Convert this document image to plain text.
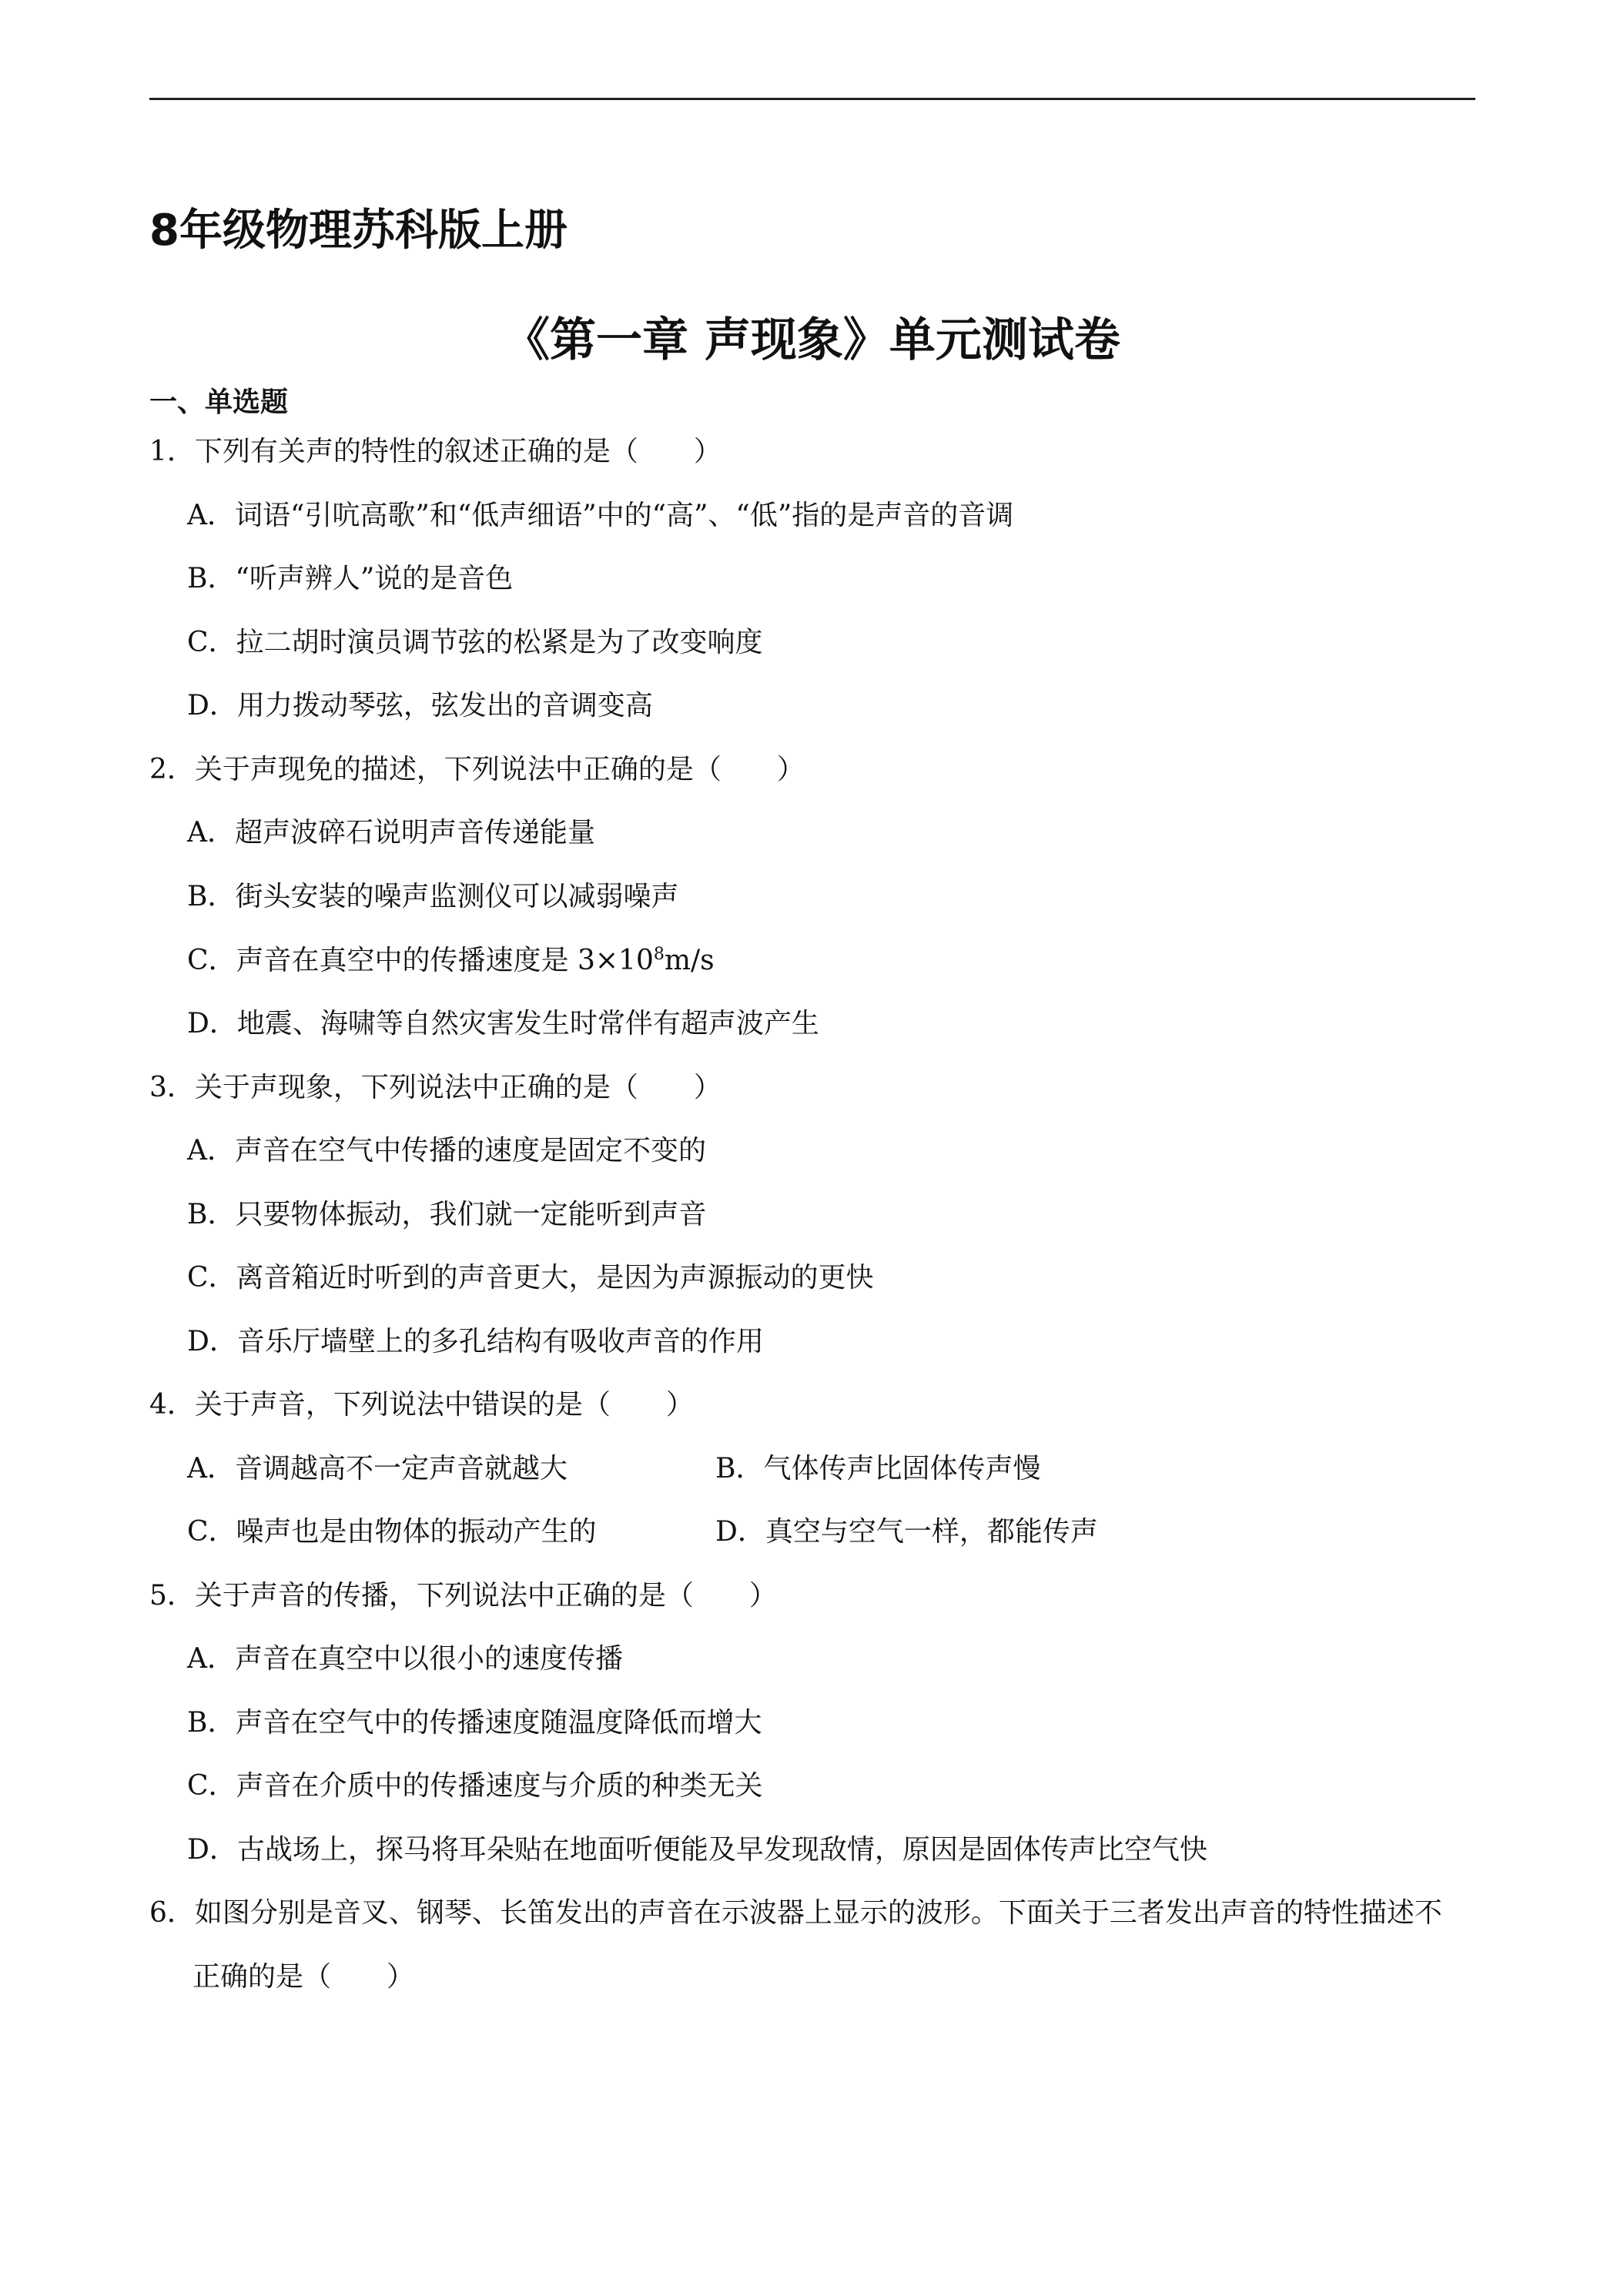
8年级物理苏科版上册
《第一章 声现象》单元测试卷
一、单选题
1．下列有关声的特性的叙述正确的是（　　）
A．词语“引吭高歌”和“低声细语”中的“高”、“低”指的是声音的音调
B．“听声辨人”说的是音色
C．拉二胡时演员调节弦的松紧是为了改变响度
D．用力拨动琴弦，弦发出的音调变高
2．关于声现免的描述，下列说法中正确的是（　　）
A．超声波碎石说明声音传递能量
B．街头安装的噪声监测仪可以减弱噪声
C．声音在真空中的传播速度是 $3\times 10^8m/s$
D．地震、海啸等自然灾害发生时常伴有超声波产生
3．关于声现象，下列说法中正确的是（　　）
A．声音在空气中传播的速度是固定不变的
B．只要物体振动，我们就一定能听到声音
C．离音箱近时听到的声音更大，是因为声源振动的更快
D．音乐厅墙壁上的多孔结构有吸收声音的作用
4．关于声音，下列说法中错误的是（　　）
A．音调越高不一定声音就越大	B．气体传声比固体传声慢
C．噪声也是由物体的振动产生的	D．真空与空气一样，都能传声
5．关于声音的传播，下列说法中正确的是（　　）
A．声音在真空中以很小的速度传播
B．声音在空气中的传播速度随温度降低而增大
C．声音在介质中的传播速度与介质的种类无关
D．古战场上，探马将耳朵贴在地面听便能及早发现敌情，原因是固体传声比空气快
6．如图分别是音叉、钢琴、长笛发出的声音在示波器上显示的波形。下面关于三者发出声音的特性描述不
正确的是（　　）
